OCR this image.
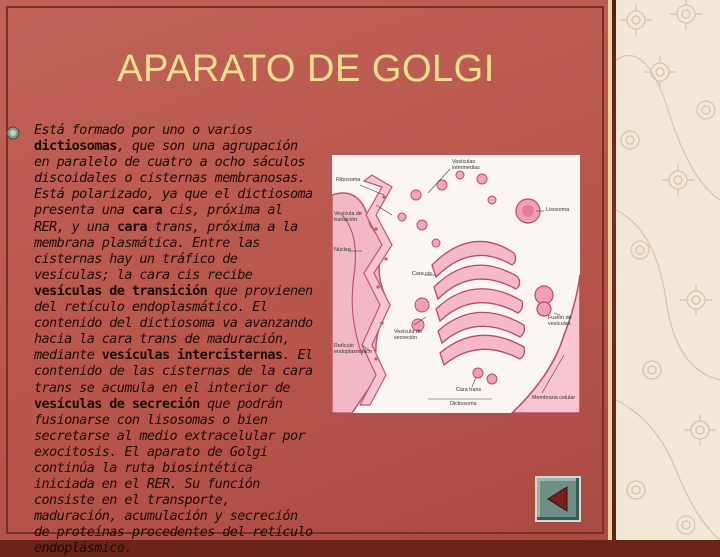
APARATO DE GOLGI
Está formado por uno o varios dictiosomas, que son una agrupación en paralelo de cuatro a ocho sáculos discoidales o cisternas membranosas. Está polarizado, ya que el dictiosoma presenta una cara cis, próxima al RER, y una cara trans, próxima a la membrana plasmática. Entre las cisternas hay un tráfico de vesículas; la cara cis recibe vesículas de transición que provienen del retículo endoplasmático. El contenido del dictiosoma va avanzando hacia la cara trans de maduración, mediante vesículas intercisternas. El contenido de las cisternas de la cara trans se acumula en el interior de vesículas de secreción que podrán fusionarse con lisosomas o bien secretarse al medio extracelular por exocitosis. El aparato de Golgi continúa la ruta biosintética iniciada en el RER. Su función consiste en el transporte, maduración, acumulación y secreción de proteínas procedentes del retículo endoplásmico.
Ribosoma
Vesículas intermedias
Vesícula de transición
Núcleo
Cara cis
Lisosoma
Vesícula de secreción
Fusión de vesículas
Retículo endoplasmático
Cara trans
Dictiosoma
Membrana celular
